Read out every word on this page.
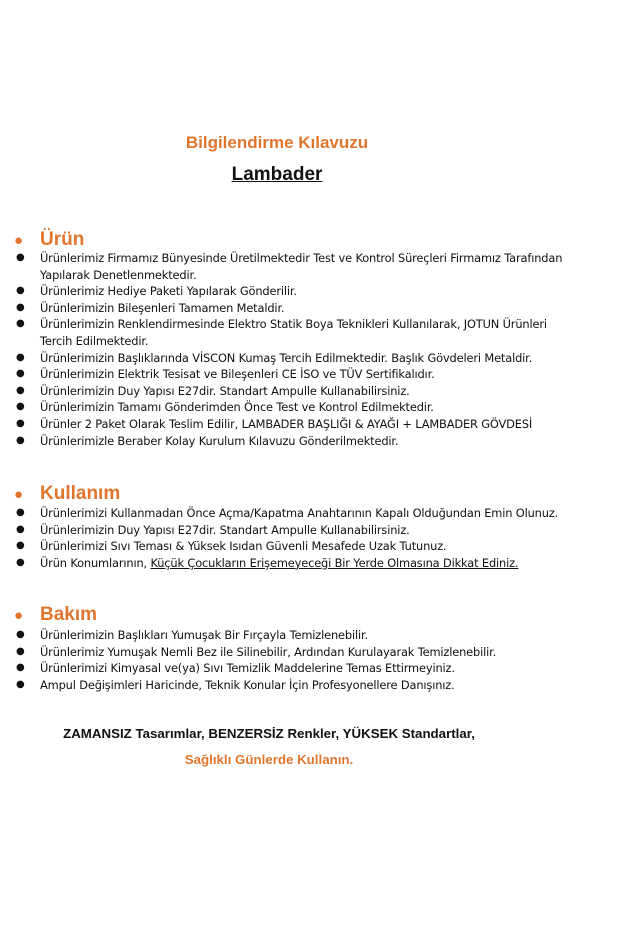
Bilgilendirme Kılavuzu
Lambader
● Ürün
● Ürünlerimiz Firmamız Bünyesinde Üretilmektedir Test ve Kontrol Süreçleri Firmamız Tarafından Yapılarak Denetlenmektedir.
● Ürünlerimiz Hediye Paketi Yapılarak Gönderilir.
● Ürünlerimizin Bileşenleri Tamamen Metaldir.
● Ürünlerimizin Renklendirmesinde Elektro Statik Boya Teknikleri Kullanılarak, JOTUN Ürünleri Tercih Edilmektedir.
● Ürünlerimizin Başlıklarında VİSCON Kumaş Tercih Edilmektedir. Başlık Gövdeleri Metaldir.
● Ürünlerimizin Elektrik Tesisat ve Bileşenleri CE İSO ve TÜV Sertifikalıdır.
● Ürünlerimizin Duy Yapısı E27dir. Standart Ampulle Kullanabilirsiniz.
● Ürünlerimizin Tamamı Gönderimden Önce Test ve Kontrol Edilmektedir.
● Ürünler 2 Paket Olarak Teslim Edilir, LAMBADER BAŞLIĞI & AYAĞI + LAMBADER GÖVDESİ
● Ürünlerimizle Beraber Kolay Kurulum Kılavuzu Gönderilmektedir.
● Kullanım
● Ürünlerimizi Kullanmadan Önce Açma/Kapatma Anahtarının Kapalı Olduğundan Emin Olunuz.
● Ürünlerimizin Duy Yapısı E27dir. Standart Ampulle Kullanabilirsiniz.
● Ürünlerimizi Sıvı Teması & Yüksek Isıdan Güvenli Mesafede Uzak Tutunuz.
● Ürün Konumlarının, Küçük Çocukların Erişemeyeceği Bir Yerde Olmasına Dikkat Ediniz.
● Bakım
● Ürünlerimizin Başlıkları Yumuşak Bir Fırçayla Temizlenebilir.
● Ürünlerimiz Yumuşak Nemli Bez ile Silinebilir, Ardından Kurulayarak Temizlenebilir.
● Ürünlerimizi Kimyasal ve(ya) Sıvı Temizlik Maddelerine Temas Ettirmeyiniz.
● Ampul Değişimleri Haricinde, Teknik Konular İçin Profesyonellere Danışınız.
ZAMANSIZ Tasarımlar, BENZERSİZ Renkler, YÜKSEK Standartlar,
Sağlıklı Günlerde Kullanın.
